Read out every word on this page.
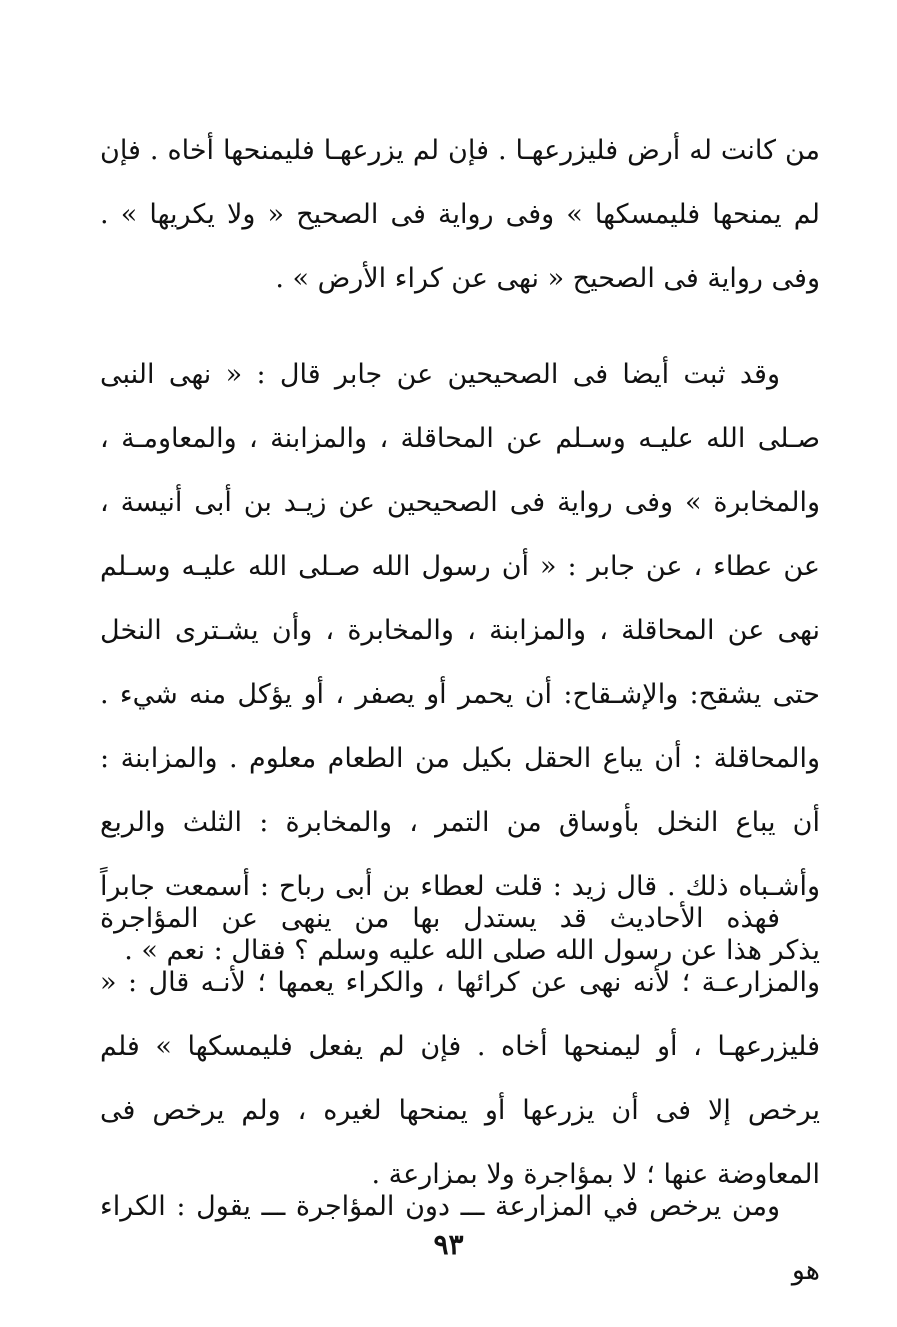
من كانت له أرض فليزرعهـا . فإن لم يزرعهـا فليمنحها أخاه . فإن لم يمنحها فليمسكها » وفى رواية فى الصحيح « ولا يكريها » . وفى رواية فى الصحيح « نهى عن كراء الأرض » .

وقد ثبت أيضا فى الصحيحين عن جابر قال : « نهى النبى صـلى الله عليـه وسـلم عن المحاقلة ، والمزابنة ، والمعاومـة ، والمخابرة » وفى رواية فى الصحيحين عن زيـد بن أبى أنيسة ، عن عطاء ، عن جابر : « أن رسول الله صـلى الله عليـه وسـلم نهى عن المحاقلة ، والمزابنة ، والمخابرة ، وأن يشـترى النخل حتى يشقح: والإشـقاح: أن يحمر أو يصفر ، أو يؤكل منه شيء . والمحاقلة : أن يباع الحقل بكيل من الطعام معلوم . والمزابنة : أن يباع النخل بأوساق من التمر ، والمخابرة : الثلث والربع وأشـباه ذلك . قال زيد : قلت لعطاء بن أبى رباح : أسمعت جابراً يذكر هذا عن رسول الله صلى الله عليه وسلم ؟ فقال : نعم » .

فهذه الأحاديث قد يستدل بها من ينهى عن المؤاجرة والمزارعـة ؛ لأنه نهى عن كرائها ، والكراء يعمها ؛ لأنـه قال : « فليزرعهـا ، أو ليمنحها أخاه . فإن لم يفعل فليمسكها » فلم يرخص إلا فى أن يزرعها أو يمنحها لغيره ، ولم يرخص فى المعاوضة عنها ؛ لا بمؤاجرة ولا بمزارعة .

ومن يرخص في المزارعة ـــ دون المؤاجرة ـــ يقول : الكراء هو

٩٣
